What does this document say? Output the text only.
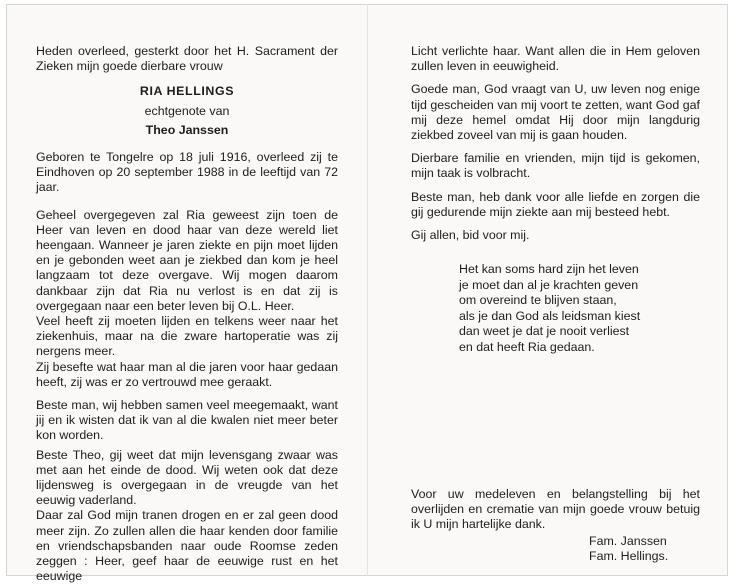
Heden overleed, gesterkt door het H. Sacrament der Zieken mijn goede dierbare vrouw

RIA HELLINGS
echtgenote van
Theo Janssen

Geboren te Tongelre op 18 juli 1916, overleed zij te Eindhoven op 20 september 1988 in de leeftijd van 72 jaar.

Geheel overgegeven zal Ria geweest zijn toen de Heer van leven en dood haar van deze wereld liet heengaan. Wanneer je jaren ziekte en pijn moet lijden en je gebonden weet aan je ziekbed dan kom je heel langzaam tot deze overgave. Wij mogen daarom dankbaar zijn dat Ria nu verlost is en dat zij is overgegaan naar een beter leven bij O.L. Heer.

Veel heeft zij moeten lijden en telkens weer naar het ziekenhuis, maar na die zware hartoperatie was zij nergens meer.

Zij besefte wat haar man al die jaren voor haar gedaan heeft, zij was er zo vertrouwd mee geraakt.

Beste man, wij hebben samen veel meegemaakt, want jij en ik wisten dat ik van al die kwalen niet meer beter kon worden.

Beste Theo, gij weet dat mijn levensgang zwaar was met aan het einde de dood. Wij weten ook dat deze lijdensweg is overgegaan in de vreugde van het eeuwig vaderland.

Daar zal God mijn tranen drogen en er zal geen dood meer zijn. Zo zullen allen die haar kenden door familie en vriendschapsbanden naar oude Roomse zeden zeggen : Heer, geef haar de eeuwige rust en het eeuwige

Licht verlichte haar. Want allen die in Hem geloven zullen leven in eeuwigheid.

Goede man, God vraagt van U, uw leven nog enige tijd gescheiden van mij voort te zetten, want God gaf mij deze hemel omdat Hij door mijn langdurig ziekbed zoveel van mij is gaan houden.

Dierbare familie en vrienden, mijn tijd is gekomen, mijn taak is volbracht.

Beste man, heb dank voor alle liefde en zorgen die gij gedurende mijn ziekte aan mij besteed hebt.

Gij allen, bid voor mij.

Het kan soms hard zijn het leven
je moet dan al je krachten geven
om overeind te blijven staan,
als je dan God als leidsman kiest
dan weet je dat je nooit verliest
en dat heeft Ria gedaan.
Voor uw medeleven en belangstelling bij het overlijden en crematie van mijn goede vrouw betuig ik U mijn hartelijke dank.
Fam. Janssen
Fam. Hellings.
